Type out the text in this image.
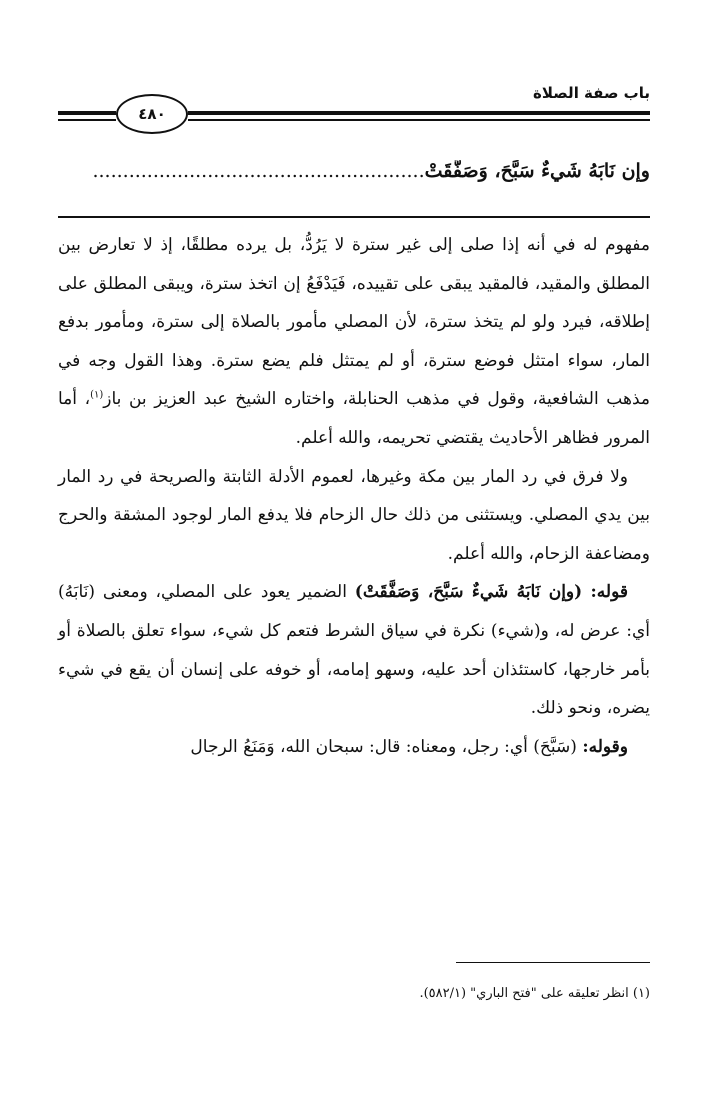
باب صفة الصلاة
٤٨٠
وإن نَابَهُ شَيءٌ سَبَّحَ، وَصَفَّقَتْ.......................................................

مفهوم له في أنه إذا صلى إلى غير سترة لا يَرُدُّ، بل يرده مطلقًا، إذ لا تعارض بين المطلق والمقيد، فالمقيد يبقى على تقييده، فَيَدْفَعُ إن اتخذ سترة، ويبقى المطلق على إطلاقه، فيرد ولو لم يتخذ سترة، لأن المصلي مأمور بالصلاة إلى سترة، ومأمور بدفع المار، سواء امتثل فوضع سترة، أو لم يمتثل فلم يضع سترة. وهذا القول وجه في مذهب الشافعية، وقول في مذهب الحنابلة، واختاره الشيخ عبد العزيز بن باز$^{(١)}$، أما المرور فظاهر الأحاديث يقتضي تحريمه، والله أعلم.

ولا فرق في رد المار بين مكة وغيرها، لعموم الأدلة الثابتة والصريحة في رد المار بين يدي المصلي. ويستثنى من ذلك حال الزحام فلا يدفع المار لوجود المشقة والحرج ومضاعفة الزحام، والله أعلم.

قوله: (وإن نَابَهُ شَيءٌ سَبَّحَ، وَصَفَّقَتْ) الضمير يعود على المصلي، ومعنى (نَابَهُ) أي: عرض له، و(شيء) نكرة في سياق الشرط فتعم كل شيء، سواء تعلق بالصلاة أو بأمر خارجها، كاستئذان أحد عليه، وسهو إمامه، أو خوفه على إنسان أن يقع في شيء يضره، ونحو ذلك.

وقوله: (سَبَّحَ) أي: رجل، ومعناه: قال: سبحان الله، وَمَنَعُ الرجال

(١) انظر تعليقه على "فتح الباري" (٥٨٢/١).
